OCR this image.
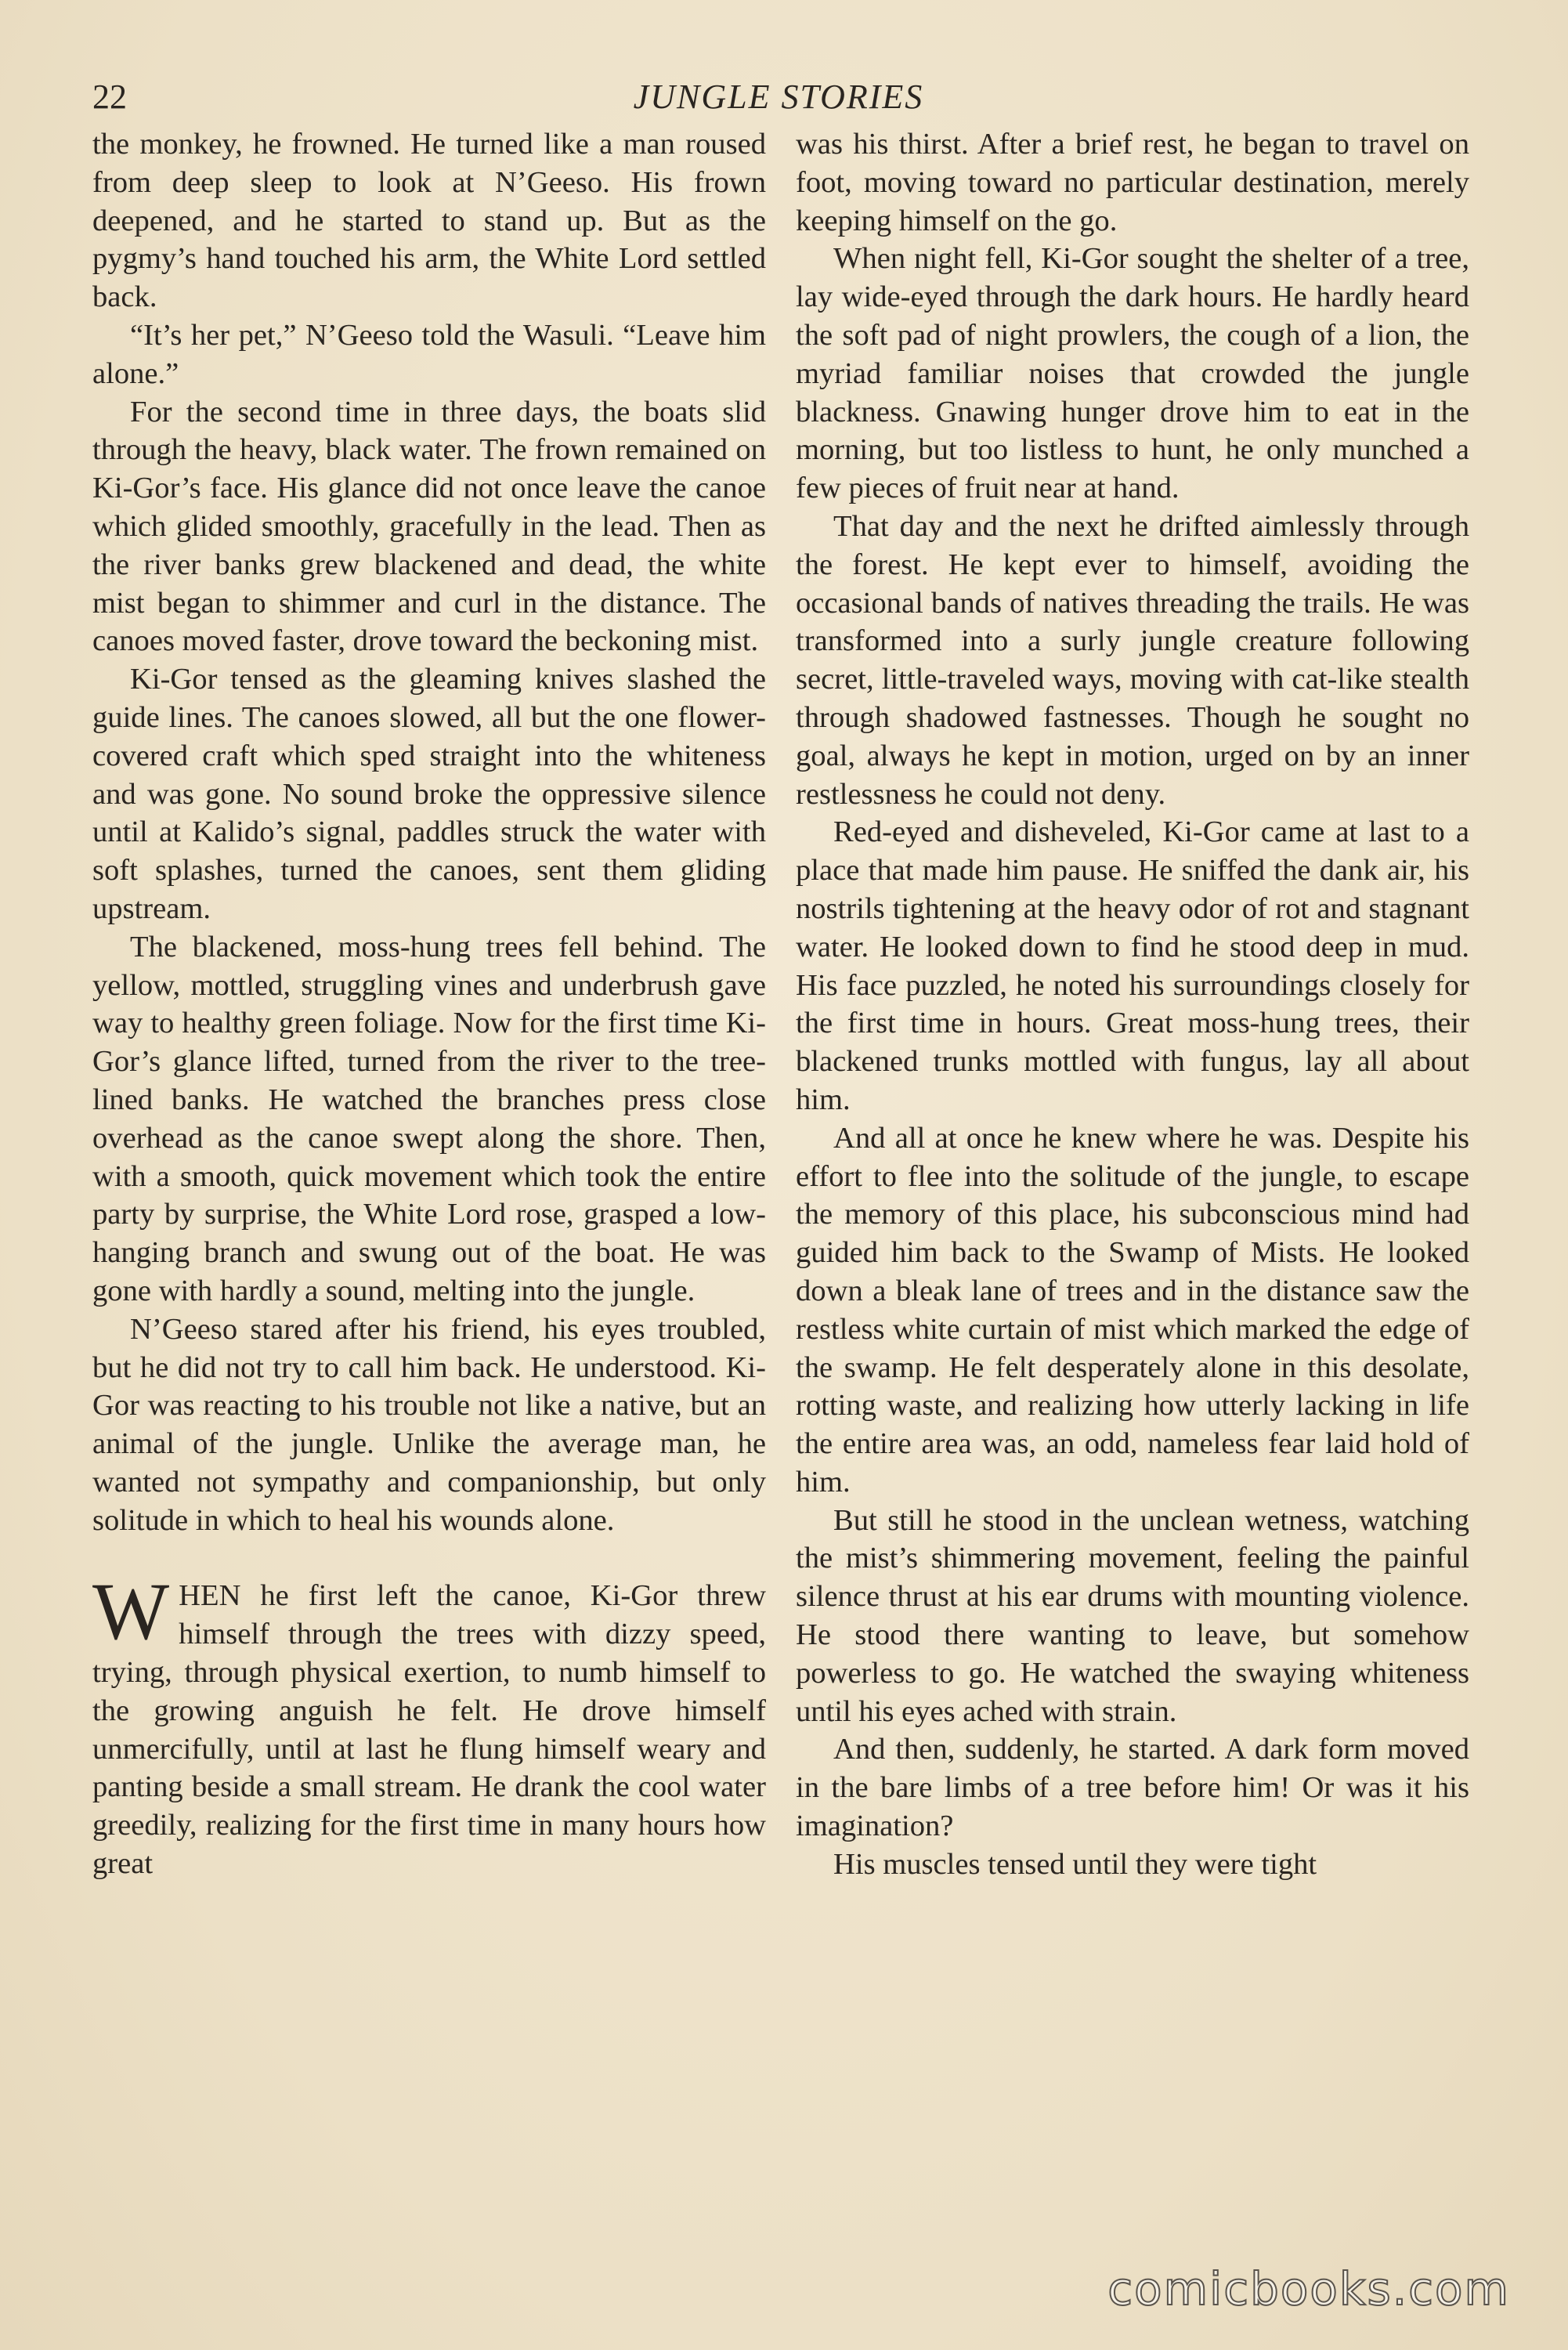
22	JUNGLE STORIES

the monkey, he frowned. He turned like a man roused from deep sleep to look at N’Geeso. His frown deepened, and he started to stand up. But as the pygmy’s hand touched his arm, the White Lord settled back.

“It’s her pet,” N’Geeso told the Wasuli. “Leave him alone.”

For the second time in three days, the boats slid through the heavy, black water. The frown remained on Ki-Gor’s face. His glance did not once leave the canoe which glided smoothly, gracefully in the lead. Then as the river banks grew blackened and dead, the white mist began to shimmer and curl in the distance. The canoes moved faster, drove toward the beckoning mist.

Ki-Gor tensed as the gleaming knives slashed the guide lines. The canoes slowed, all but the one flower-covered craft which sped straight into the whiteness and was gone. No sound broke the oppressive silence until at Kalido’s signal, paddles struck the water with soft splashes, turned the canoes, sent them gliding upstream.

The blackened, moss-hung trees fell behind. The yellow, mottled, struggling vines and underbrush gave way to healthy green foliage. Now for the first time Ki-Gor’s glance lifted, turned from the river to the tree-lined banks. He watched the branches press close overhead as the canoe swept along the shore. Then, with a smooth, quick movement which took the entire party by surprise, the White Lord rose, grasped a low-hanging branch and swung out of the boat. He was gone with hardly a sound, melting into the jungle.

N’Geeso stared after his friend, his eyes troubled, but he did not try to call him back. He understood. Ki-Gor was reacting to his trouble not like a native, but an animal of the jungle. Unlike the average man, he wanted not sympathy and companionship, but only solitude in which to heal his wounds alone.

WHEN he first left the canoe, Ki-Gor threw himself through the trees with dizzy speed, trying, through physical exertion, to numb himself to the growing anguish he felt. He drove himself unmercifully, until at last he flung himself weary and panting beside a small stream. He drank the cool water greedily, realizing for the first time in many hours how great

was his thirst. After a brief rest, he began to travel on foot, moving toward no particular destination, merely keeping himself on the go.

When night fell, Ki-Gor sought the shelter of a tree, lay wide-eyed through the dark hours. He hardly heard the soft pad of night prowlers, the cough of a lion, the myriad familiar noises that crowded the jungle blackness. Gnawing hunger drove him to eat in the morning, but too listless to hunt, he only munched a few pieces of fruit near at hand.

That day and the next he drifted aimlessly through the forest. He kept ever to himself, avoiding the occasional bands of natives threading the trails. He was transformed into a surly jungle creature following secret, little-traveled ways, moving with cat-like stealth through shadowed fastnesses. Though he sought no goal, always he kept in motion, urged on by an inner restlessness he could not deny.

Red-eyed and disheveled, Ki-Gor came at last to a place that made him pause. He sniffed the dank air, his nostrils tightening at the heavy odor of rot and stagnant water. He looked down to find he stood deep in mud. His face puzzled, he noted his surroundings closely for the first time in hours. Great moss-hung trees, their blackened trunks mottled with fungus, lay all about him.

And all at once he knew where he was. Despite his effort to flee into the solitude of the jungle, to escape the memory of this place, his subconscious mind had guided him back to the Swamp of Mists. He looked down a bleak lane of trees and in the distance saw the restless white curtain of mist which marked the edge of the swamp. He felt desperately alone in this desolate, rotting waste, and realizing how utterly lacking in life the entire area was, an odd, nameless fear laid hold of him.

But still he stood in the unclean wetness, watching the mist’s shimmering movement, feeling the painful silence thrust at his ear drums with mounting violence. He stood there wanting to leave, but somehow powerless to go. He watched the swaying whiteness until his eyes ached with strain.

And then, suddenly, he started. A dark form moved in the bare limbs of a tree before him! Or was it his imagination?

His muscles tensed until they were tight

comicbooks.com
